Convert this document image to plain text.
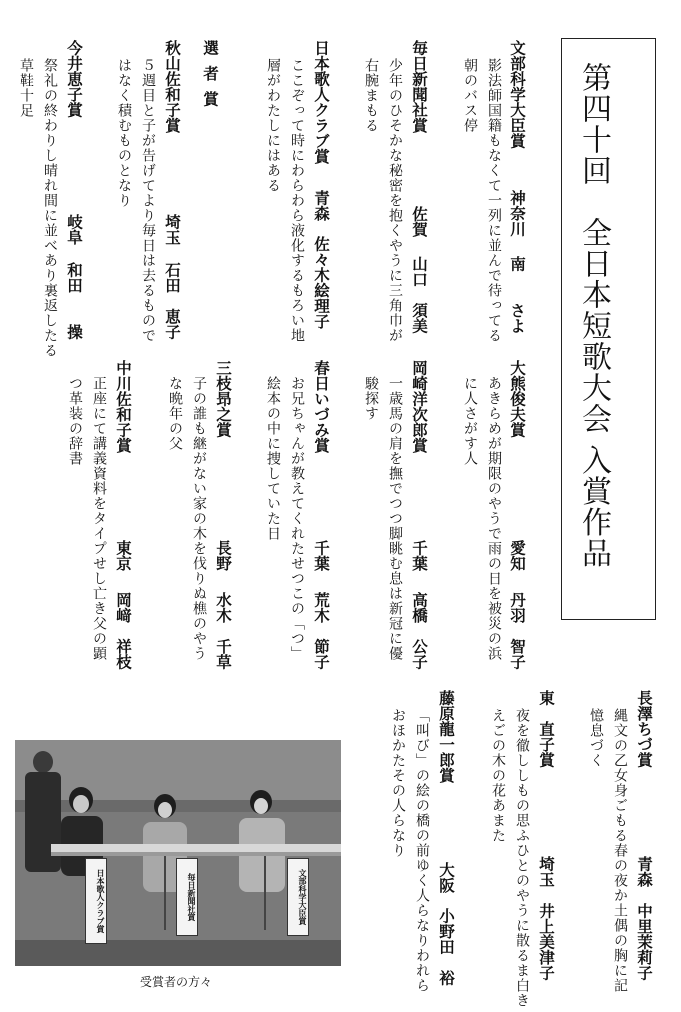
第四十回　全日本短歌大会 入賞作品
文部科学大臣賞
神奈川
南　　さよ
影法師国籍もなくて一列に並んで待ってる
朝のバス停
毎日新聞社賞
佐賀
山口　須美
少年のひそかな秘密を抱くやうに三角巾が
右腕まもる
日本歌人クラブ賞
青森
佐々木絵理子
ここぞって時にわらわら液化するもろい地
層がわたしにはある
選者賞
秋山佐和子賞
埼玉
石田　恵子
５週目と子が告げてより毎日は去るもので
はなく積むものとなり
今井恵子賞
岐阜
和田　　操
祭礼の終わりし晴れ間に並べあり裏返したる
草鞋十足
大熊俊夫賞
愛知
丹羽　智子
あきらめが期限のやうで雨の日を被災の浜
に人さがす人
岡崎洋次郎賞
千葉
高橋　公子
一歳馬の肩を撫でつつ脚眺む息は新冠に優
駿探す
春日いづみ賞
千葉
荒木　節子
お兄ちゃんが教えてくれたせつこの「つ」
絵本の中に捜していた日
三枝昻之賞
長野
水木　千草
子の誰も継がない家の木を伐りぬ樵のやう
な晩年の父
中川佐和子賞
東京
岡﨑　祥枝
正座にて講義資料をタイプせし亡き父の顕
つ革装の辞書
長澤ちづ賞
青森
中里茉莉子
縄文の乙女身ごもる春の夜か土偶の胸に記
憶息づく
東　直子賞
埼玉
井上美津子
夜を徹ししもの思ふひとのやうに散るま白き
えごの木の花あまた
藤原龍一郎賞
大阪
小野田　裕
「叫び」の絵の橋の前ゆく人らなりわれら
おほかたその人らなり
日本歌人クラブ賞	毎日新聞社賞	文部科学大臣賞
受賞者の方々
